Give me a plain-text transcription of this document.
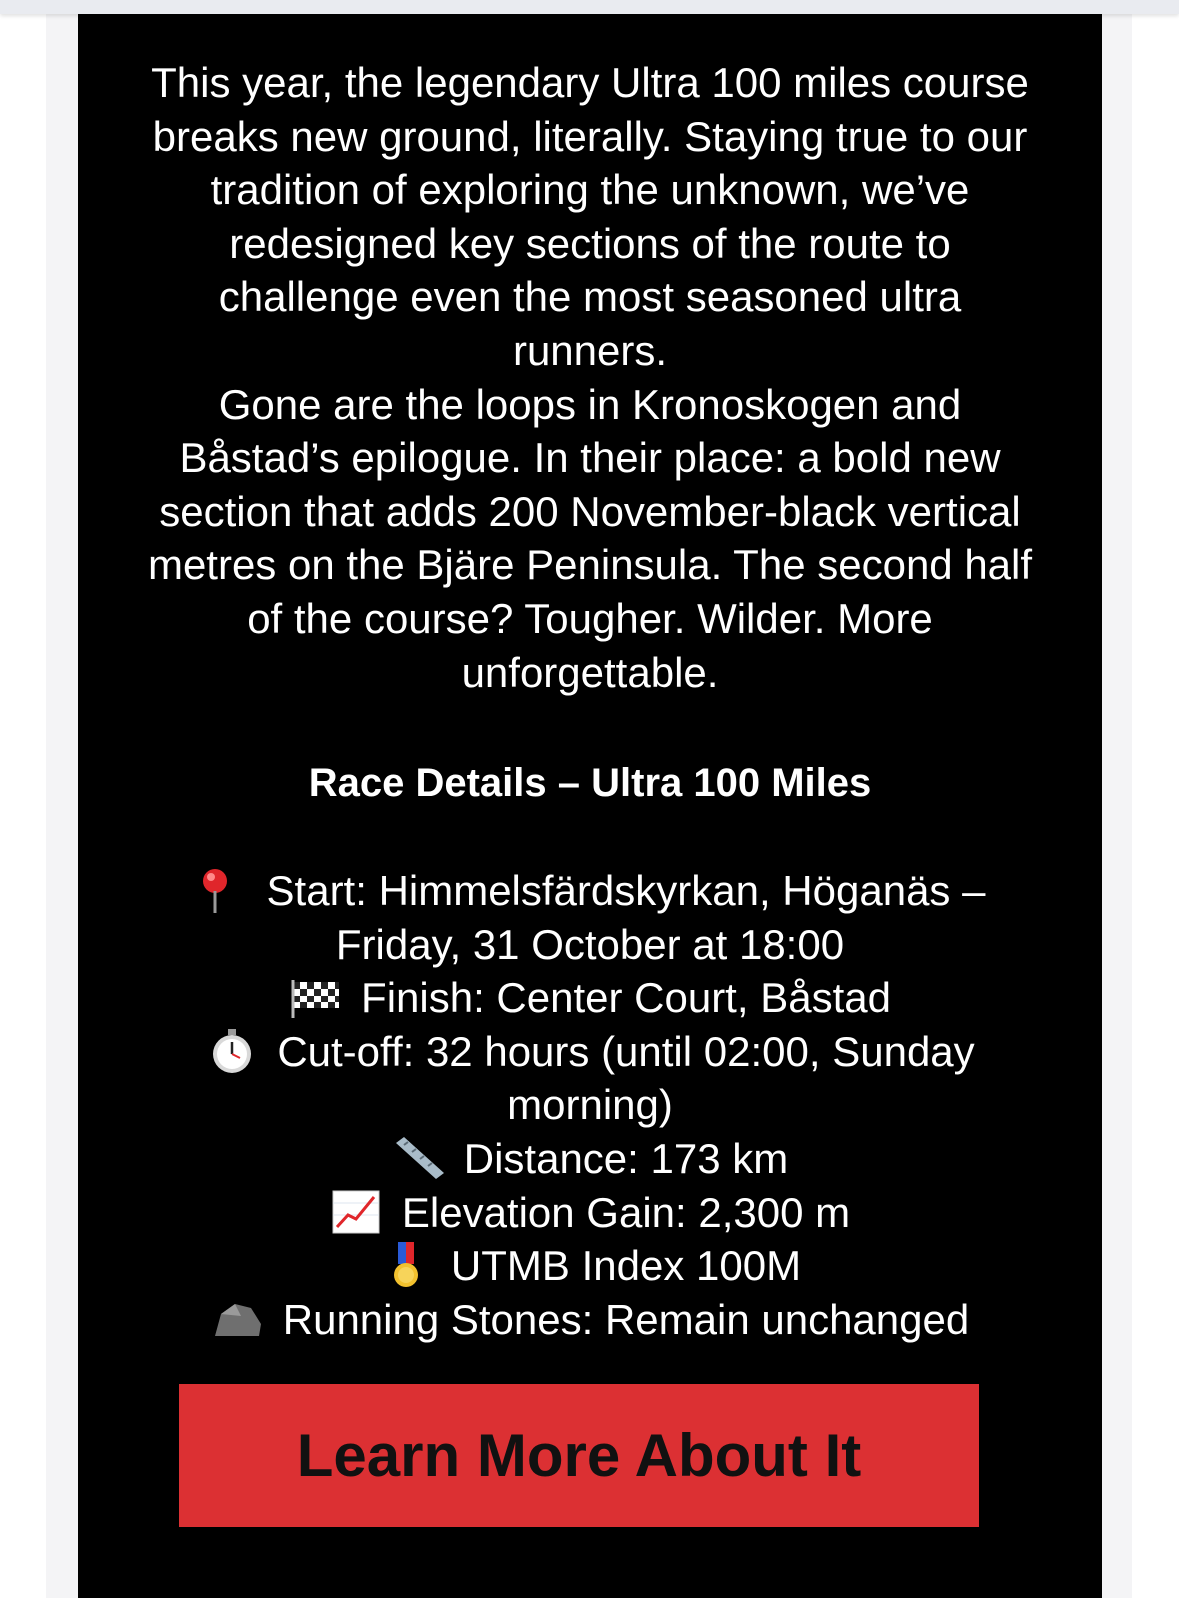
This year, the legendary Ultra 100 miles course breaks new ground, literally. Staying true to our tradition of exploring the unknown, we’ve redesigned key sections of the route to challenge even the most seasoned ultra runners.

Gone are the loops in Kronoskogen and Båstad’s epilogue. In their place: a bold new section that adds 200 November-black vertical metres on the Bjäre Peninsula. The second half of the course? Tougher. Wilder. More unforgettable.

Race Details – Ultra 100 Miles
Start: Himmelsfärdskyrkan, Höganäs – Friday, 31 October at 18:00
Finish: Center Court, Båstad
Cut-off: 32 hours (until 02:00, Sunday morning)
Distance: 173 km
Elevation Gain: 2,300 m
UTMB Index 100M
Running Stones: Remain unchanged
Learn More About It
